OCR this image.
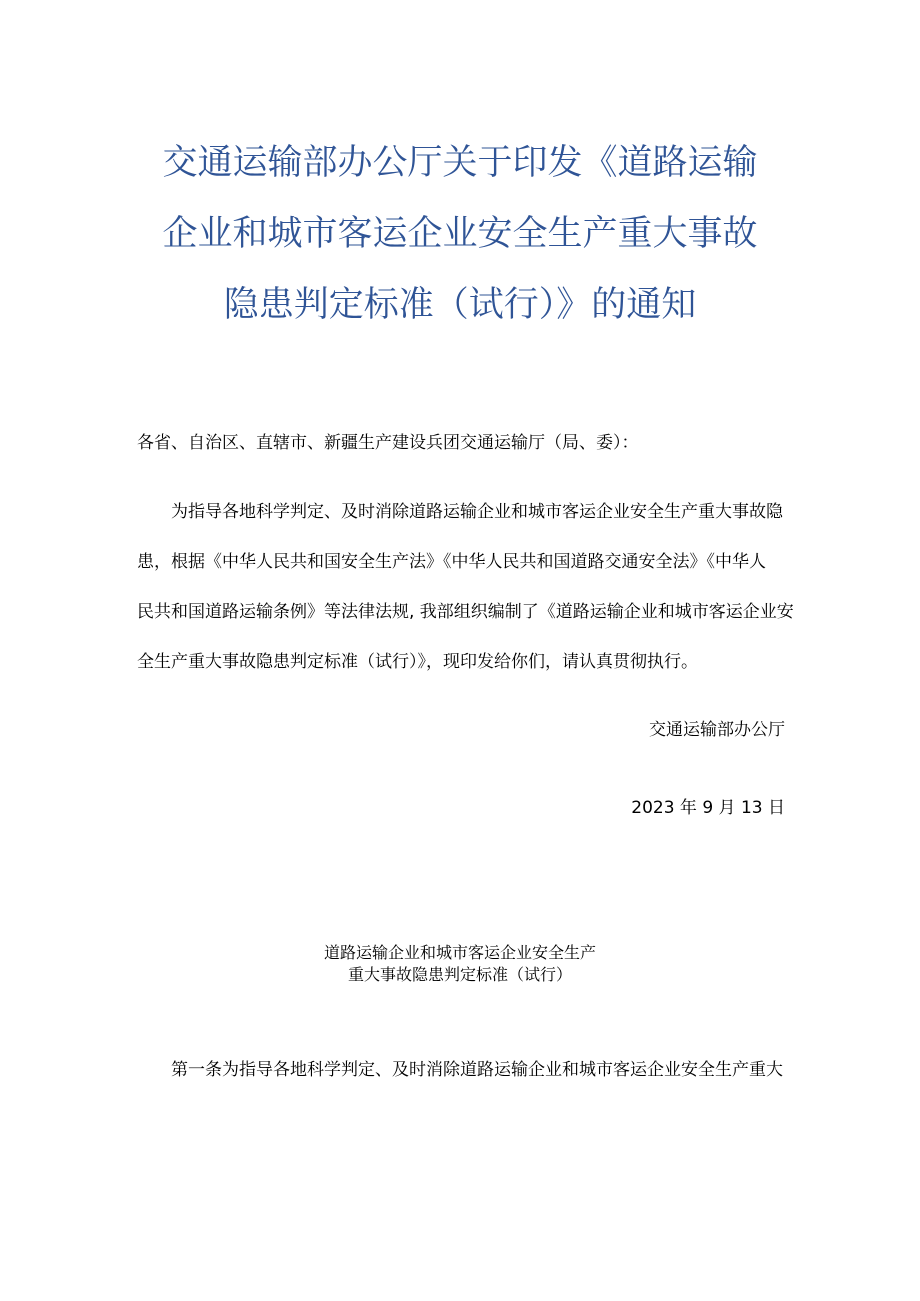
交通运输部办公厅关于印发《道路运输
企业和城市客运企业安全生产重大事故
隐患判定标准（试行）》的通知

各省、自治区、直辖市、新疆生产建设兵团交通运输厅（局、委）：

为指导各地科学判定、及时消除道路运输企业和城市客运企业安全生产重大事故隐
患，根据《中华人民共和国安全生产法》《中华人民共和国道路交通安全法》《中华人
民共和国道路运输条例》等法律法规, 我部组织编制了《道路运输企业和城市客运企业安
全生产重大事故隐患判定标准（试行）》，现印发给你们，请认真贯彻执行。

交通运输部办公厅

2023 年 9 月 13 日

道路运输企业和城市客运企业安全生产
重大事故隐患判定标准（试行）

第一条为指导各地科学判定、及时消除道路运输企业和城市客运企业安全生产重大
